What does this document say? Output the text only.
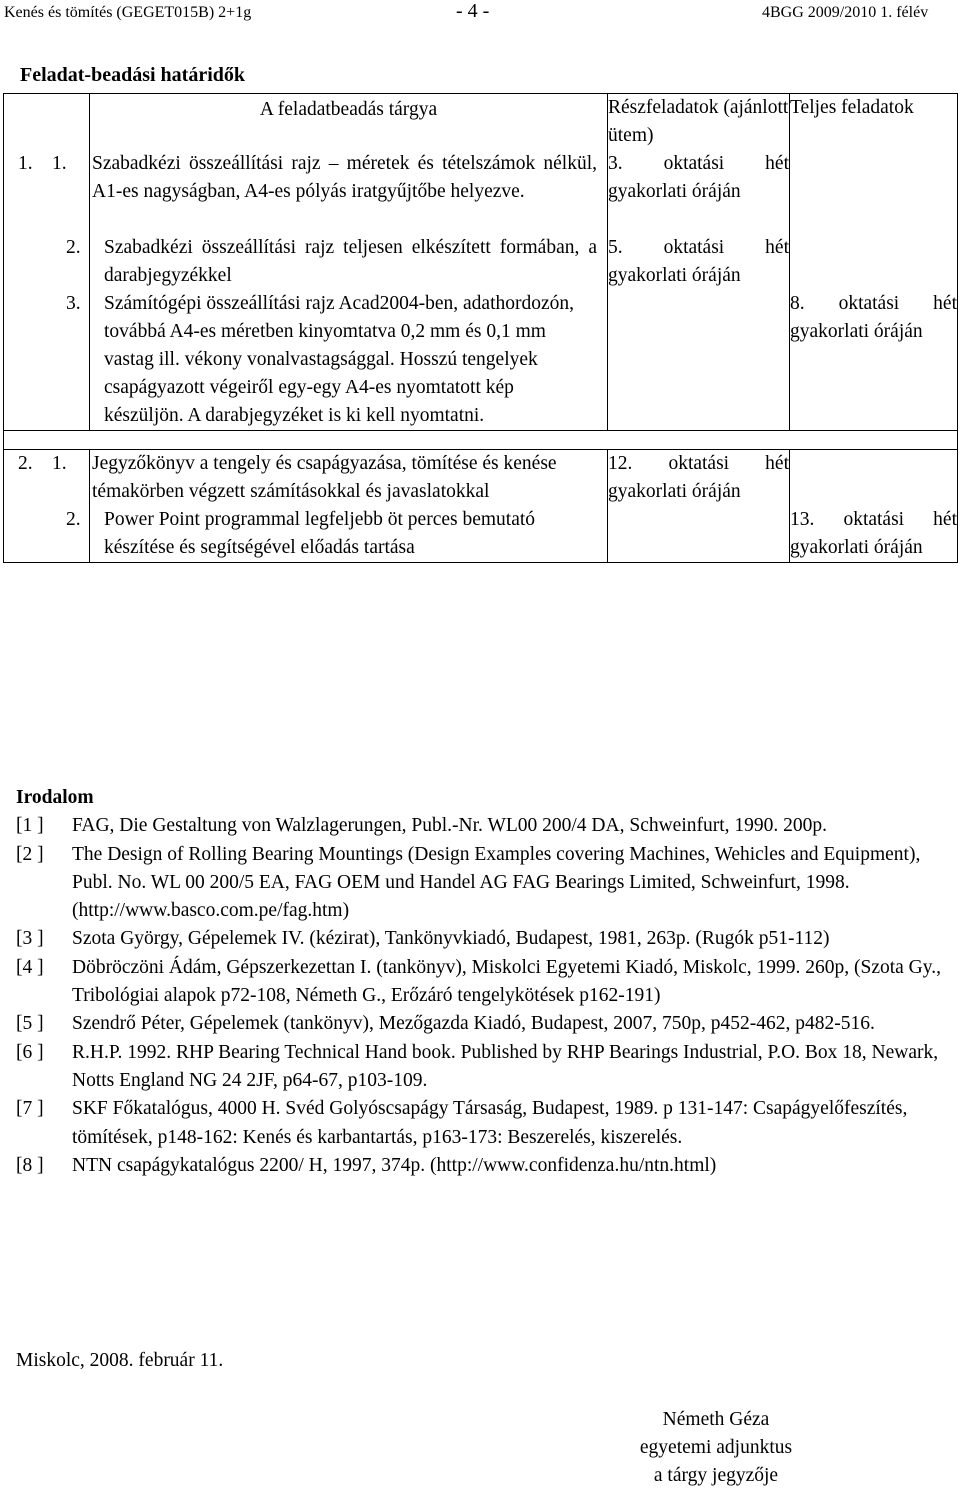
Kenés és tömítés (GEGET015B) 2+1g	- 4 -	4BGG 2009/2010 1. félév
Feladat-beadási határidők
	A feladatbeadás tárgya	Részfeladatok (ajánlott ütem)	Teljes feladatok
1.	1. Szabadkézi összeállítási rajz – méretek és tételszámok nélkül, A1-es nagyságban, A4-es pólyás iratgyűjtőbe helyezve.	3. oktatási hét gyakorlati óráján	

	2. Szabadkézi összeállítási rajz teljesen elkészített formában, a darabjegyzékkel	5. oktatási hét gyakorlati óráján	

	3. Számítógépi összeállítási rajz Acad2004-ben, adathordozón, továbbá A4-es méretben kinyomtatva 0,2 mm és 0,1 mm vastag ill. vékony vonalvastagsággal. Hosszú tengelyek csapágyazott végeiről egy-egy A4-es nyomtatott kép készüljön. A darabjegyzéket is ki kell nyomtatni.		8. oktatási hét gyakorlati óráján

2.	1. Jegyzőkönyv a tengely és csapágyazása, tömítése és kenése témakörben végzett számításokkal és javaslatokkal	12. oktatási hét gyakorlati óráján	

	2. Power Point programmal legfeljebb öt perces bemutató készítése és segítségével előadás tartása		13. oktatási hét gyakorlati óráján
Irodalom
[1 ]	FAG, Die Gestaltung von Walzlagerungen, Publ.-Nr. WL00 200/4 DA, Schweinfurt, 1990. 200p.
[2 ]	The Design of Rolling Bearing Mountings (Design Examples covering Machines, Wehicles and Equipment), Publ. No. WL 00 200/5 EA, FAG OEM und Handel AG FAG Bearings Limited, Schweinfurt, 1998. (http://www.basco.com.pe/fag.htm)
[3 ]	Szota György, Gépelemek IV. (kézirat), Tankönyvkiadó, Budapest, 1981, 263p. (Rugók p51-112)
[4 ]	Döbröczöni Ádám, Gépszerkezettan I. (tankönyv), Miskolci Egyetemi Kiadó, Miskolc, 1999. 260p, (Szota Gy., Tribológiai alapok p72-108, Németh G., Erőzáró tengelykötések p162-191)
[5 ]	Szendrő Péter, Gépelemek (tankönyv), Mezőgazda Kiadó, Budapest, 2007, 750p, p452-462, p482-516.
[6 ]	R.H.P. 1992. RHP Bearing Technical Hand book. Published by RHP Bearings Industrial, P.O. Box 18, Newark, Notts England NG 24 2JF, p64-67, p103-109.
[7 ]	SKF Főkatalógus, 4000 H. Svéd Golyóscsapágy Társaság, Budapest, 1989. p 131-147: Csapágyelőfeszítés, tömítések, p148-162: Kenés és karbantartás, p163-173: Beszerelés, kiszerelés.
[8 ]	NTN csapágykatalógus 2200/ H, 1997, 374p. (http://www.confidenza.hu/ntn.html)
Miskolc, 2008. február 11.
Németh Géza
egyetemi adjunktus
a tárgy jegyzője
